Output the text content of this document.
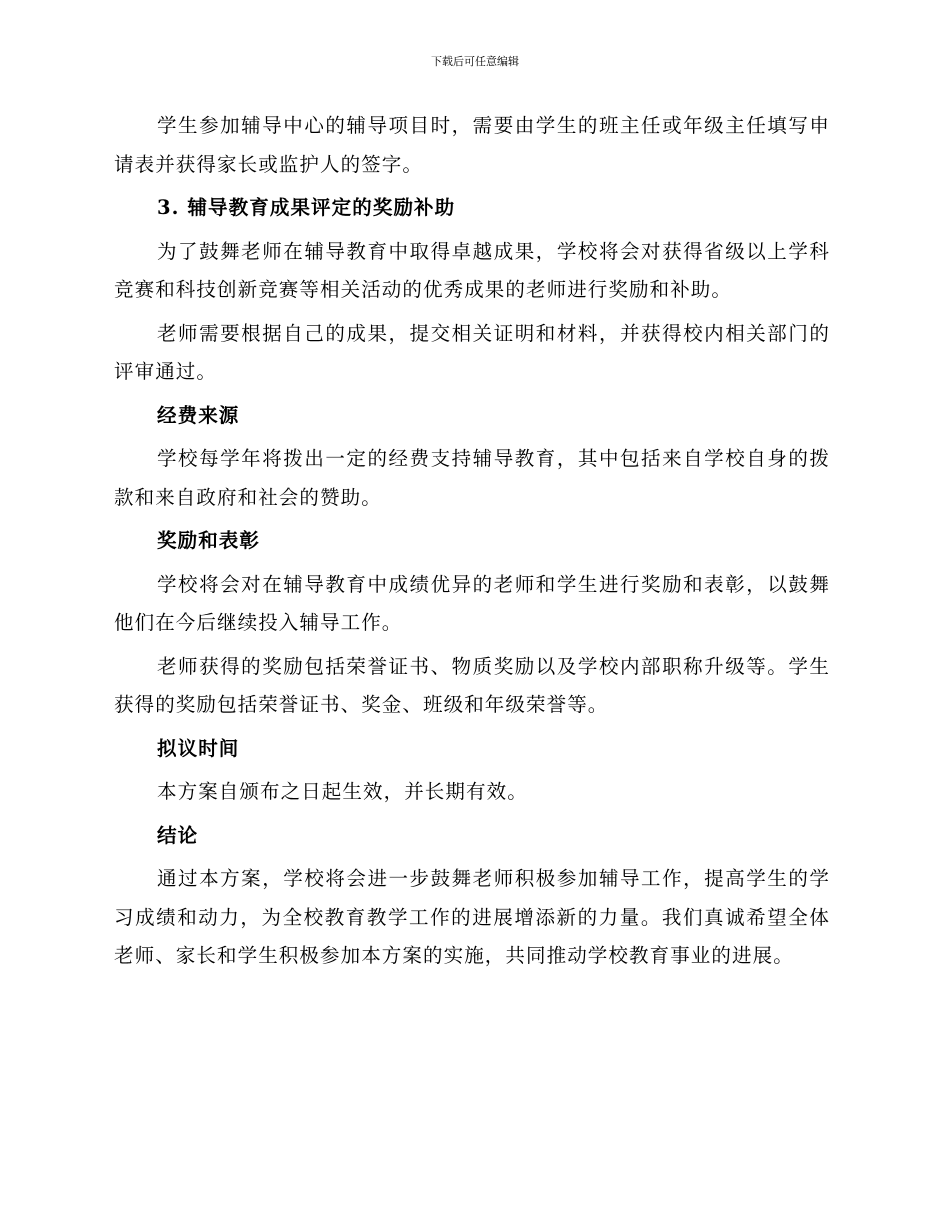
下载后可任意编辑

学生参加辅导中心的辅导项目时，需要由学生的班主任或年级主任填写申请表并获得家长或监护人的签字。

3. 辅导教育成果评定的奖励补助

为了鼓舞老师在辅导教育中取得卓越成果，学校将会对获得省级以上学科竞赛和科技创新竞赛等相关活动的优秀成果的老师进行奖励和补助。

老师需要根据自己的成果，提交相关证明和材料，并获得校内相关部门的评审通过。

经费来源

学校每学年将拨出一定的经费支持辅导教育，其中包括来自学校自身的拨款和来自政府和社会的赞助。

奖励和表彰

学校将会对在辅导教育中成绩优异的老师和学生进行奖励和表彰，以鼓舞他们在今后继续投入辅导工作。

老师获得的奖励包括荣誉证书、物质奖励以及学校内部职称升级等。学生获得的奖励包括荣誉证书、奖金、班级和年级荣誉等。

拟议时间

本方案自颁布之日起生效，并长期有效。

结论

通过本方案，学校将会进一步鼓舞老师积极参加辅导工作，提高学生的学习成绩和动力，为全校教育教学工作的进展增添新的力量。我们真诚希望全体老师、家长和学生积极参加本方案的实施，共同推动学校教育事业的进展。
